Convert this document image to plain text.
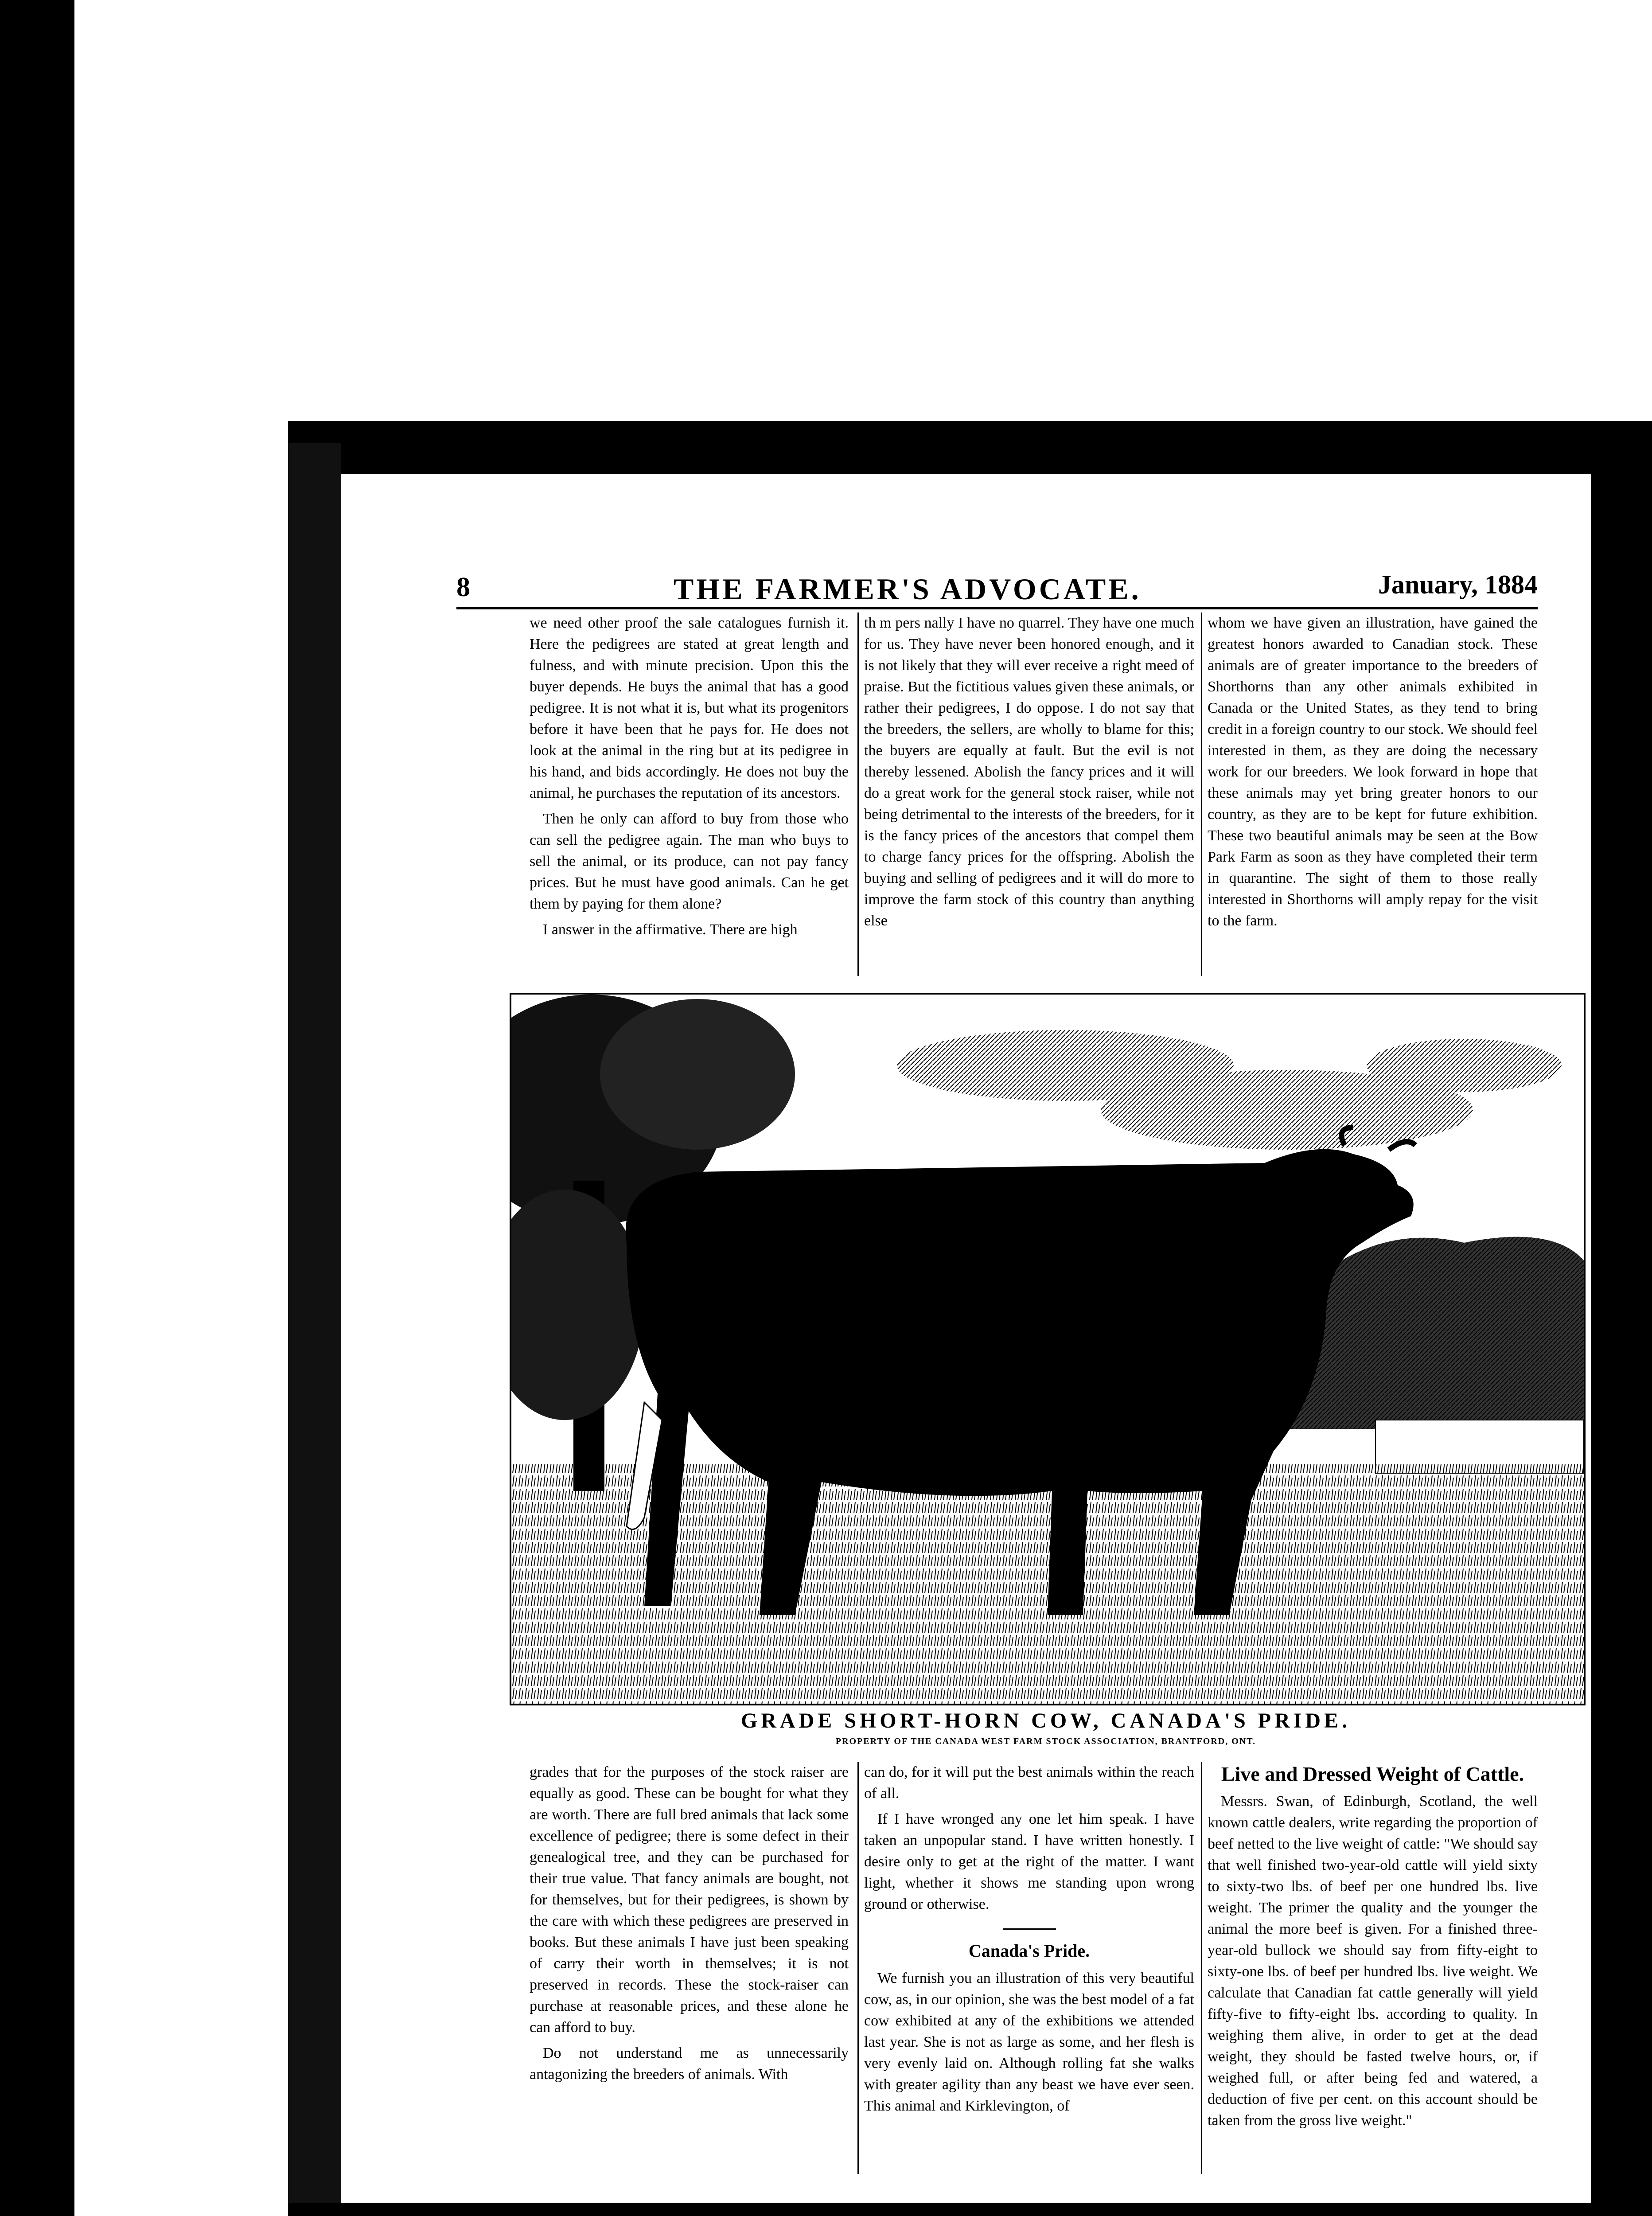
8	THE FARMER'S ADVOCATE.	January, 1884

we need other proof the sale catalogues furnish it. Here the pedigrees are stated at great length and fulness, and with minute precision. Upon this the buyer depends. He buys the animal that has a good pedigree. It is not what it is, but what its progenitors before it have been that he pays for. He does not look at the animal in the ring but at its pedigree in his hand, and bids accordingly. He does not buy the animal, he purchases the reputation of its ancestors.

Then he only can afford to buy from those who can sell the pedigree again. The man who buys to sell the animal, or its produce, can not pay fancy prices. But he must have good animals. Can he get them by paying for them alone?

I answer in the affirmative. There are high

th m pers nally I have no quarrel. They have one much for us. They have never been honored enough, and it is not likely that they will ever receive a right meed of praise. But the fictitious values given these animals, or rather their pedigrees, I do oppose. I do not say that the breeders, the sellers, are wholly to blame for this; the buyers are equally at fault. But the evil is not thereby lessened. Abolish the fancy prices and it will do a great work for the general stock raiser, while not being detrimental to the interests of the breeders, for it is the fancy prices of the ancestors that compel them to charge fancy prices for the offspring. Abolish the buying and selling of pedigrees and it will do more to improve the farm stock of this country than anything else

whom we have given an illustration, have gained the greatest honors awarded to Canadian stock. These animals are of greater importance to the breeders of Shorthorns than any other animals exhibited in Canada or the United States, as they tend to bring credit in a foreign country to our stock. We should feel interested in them, as they are doing the necessary work for our breeders. We look forward in hope that these animals may yet bring greater honors to our country, as they are to be kept for future exhibition. These two beautiful animals may be seen at the Bow Park Farm as soon as they have completed their term in quarantine. The sight of them to those really interested in Shorthorns will amply repay for the visit to the farm.

GRADE SHORT-HORN COW, CANADA'S PRIDE.
PROPERTY OF THE CANADA WEST FARM STOCK ASSOCIATION, BRANTFORD, ONT.

grades that for the purposes of the stock raiser are equally as good. These can be bought for what they are worth. There are full bred animals that lack some excellence of pedigree; there is some defect in their genealogical tree, and they can be purchased for their true value. That fancy animals are bought, not for themselves, but for their pedigrees, is shown by the care with which these pedigrees are preserved in books. But these animals I have just been speaking of carry their worth in themselves; it is not preserved in records. These the stock-raiser can purchase at reasonable prices, and these alone he can afford to buy.

Do not understand me as unnecessarily antagonizing the breeders of animals. With

can do, for it will put the best animals within the reach of all.

If I have wronged any one let him speak. I have taken an unpopular stand. I have written honestly. I desire only to get at the right of the matter. I want light, whether it shows me standing upon wrong ground or otherwise.

Canada's Pride.

We furnish you an illustration of this very beautiful cow, as, in our opinion, she was the best model of a fat cow exhibited at any of the exhibitions we attended last year. She is not as large as some, and her flesh is very evenly laid on. Although rolling fat she walks with greater agility than any beast we have ever seen. This animal and Kirklevington, of

Live and Dressed Weight of Cattle.

Messrs. Swan, of Edinburgh, Scotland, the well known cattle dealers, write regarding the proportion of beef netted to the live weight of cattle: "We should say that well finished two-year-old cattle will yield sixty to sixty-two lbs. of beef per one hundred lbs. live weight. The primer the quality and the younger the animal the more beef is given. For a finished three-year-old bullock we should say from fifty-eight to sixty-one lbs. of beef per hundred lbs. live weight. We calculate that Canadian fat cattle generally will yield fifty-five to fifty-eight lbs. according to quality. In weighing them alive, in order to get at the dead weight, they should be fasted twelve hours, or, if weighed full, or after being fed and watered, a deduction of five per cent. on this account should be taken from the gross live weight."
